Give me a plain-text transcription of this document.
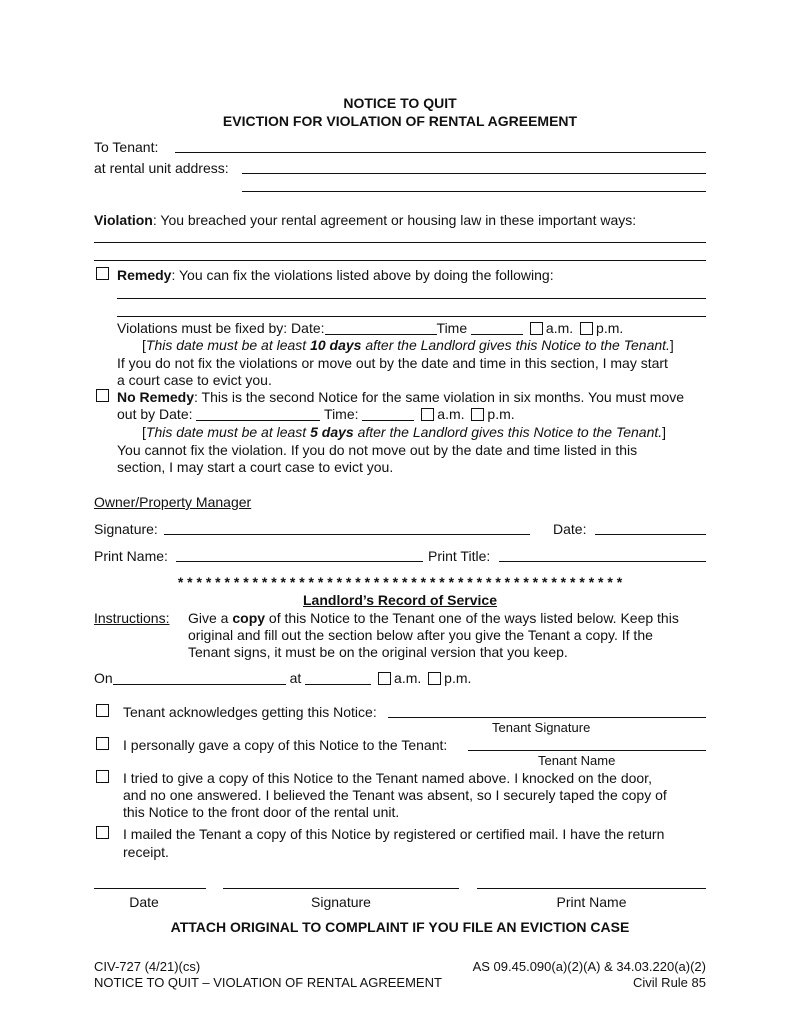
NOTICE TO QUIT
EVICTION FOR VIOLATION OF RENTAL AGREEMENT
To Tenant:
at rental unit address:
Violation: You breached your rental agreement or housing law in these important ways:
Remedy: You can fix the violations listed above by doing the following:
Violations must be fixed by: Date:	Time	a.m. p.m.
[This date must be at least 10 days after the Landlord gives this Notice to the Tenant.]
If you do not fix the violations or move out by the date and time in this section, I may start
a court case to evict you.
No Remedy: This is the second Notice for the same violation in six months. You must move
out by Date:	Time:	a.m. p.m.
[This date must be at least 5 days after the Landlord gives this Notice to the Tenant.]
You cannot fix the violation. If you do not move out by the date and time listed in this
section, I may start a court case to evict you.
Owner/Property Manager
Signature:	Date:
Print Name:	Print Title:
* * * * * * * * * * * * * * * * * * * * * * * * * * * * * * * * * * * * * * * * * * * * * * * *
Landlord’s Record of Service
Instructions: Give a copy of this Notice to the Tenant one of the ways listed below. Keep this
original and fill out the section below after you give the Tenant a copy. If the
Tenant signs, it must be on the original version that you keep.
On	at	a.m. p.m.
Tenant acknowledges getting this Notice:
Tenant Signature
I personally gave a copy of this Notice to the Tenant:
Tenant Name
I tried to give a copy of this Notice to the Tenant named above. I knocked on the door,
and no one answered. I believed the Tenant was absent, so I securely taped the copy of
this Notice to the front door of the rental unit.
I mailed the Tenant a copy of this Notice by registered or certified mail. I have the return
receipt.
Date	Signature	Print Name
ATTACH ORIGINAL TO COMPLAINT IF YOU FILE AN EVICTION CASE
CIV-727 (4/21)(cs)
NOTICE TO QUIT – VIOLATION OF RENTAL AGREEMENT
AS 09.45.090(a)(2)(A) & 34.03.220(a)(2)
Civil Rule 85
